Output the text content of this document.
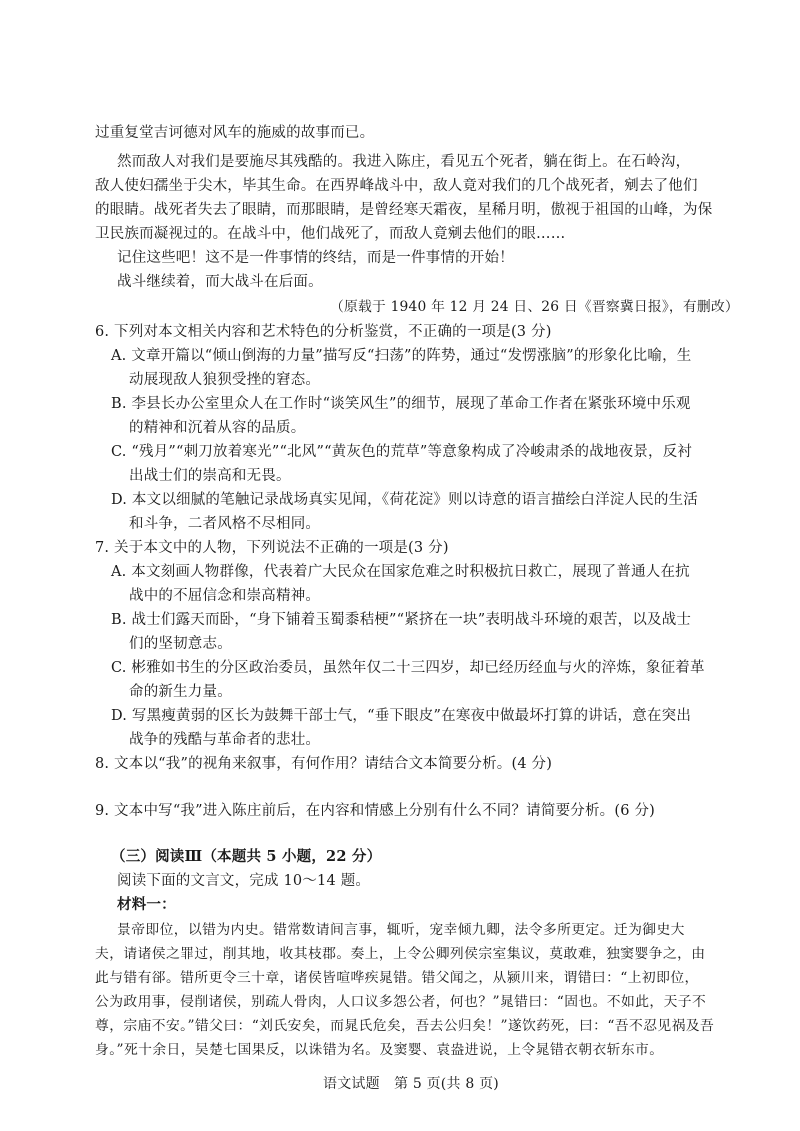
过重复堂吉诃德对风车的施威的故事而已。
然而敌人对我们是要施尽其残酷的。我进入陈庄，看见五个死者，躺在街上。在石岭沟，
敌人使妇孺坐于尖木，毕其生命。在西界峰战斗中，敌人竟对我们的几个战死者，剜去了他们
的眼睛。战死者失去了眼睛，而那眼睛，是曾经寒天霜夜，星稀月明，傲视于祖国的山峰，为保
卫民族而凝视过的。在战斗中，他们战死了，而敌人竟剜去他们的眼……
记住这些吧！这不是一件事情的终结，而是一件事情的开始！
战斗继续着，而大战斗在后面。
（原载于 1940 年 12 月 24 日、26 日《晋察冀日报》，有删改）
6. 下列对本文相关内容和艺术特色的分析鉴赏，不正确的一项是(3 分)
A. 文章开篇以“倾山倒海的力量”描写反“扫荡”的阵势，通过“发愣涨脑”的形象化比喻，生
动展现敌人狼狈受挫的窘态。
B. 李县长办公室里众人在工作时“谈笑风生”的细节，展现了革命工作者在紧张环境中乐观
的精神和沉着从容的品质。
C. “残月”“刺刀放着寒光”“北风”“黄灰色的荒草”等意象构成了冷峻肃杀的战地夜景，反衬
出战士们的崇高和无畏。
D. 本文以细腻的笔触记录战场真实见闻，《荷花淀》则以诗意的语言描绘白洋淀人民的生活
和斗争，二者风格不尽相同。
7. 关于本文中的人物，下列说法不正确的一项是(3 分)
A. 本文刻画人物群像，代表着广大民众在国家危难之时积极抗日救亡，展现了普通人在抗
战中的不屈信念和崇高精神。
B. 战士们露天而卧，“身下铺着玉蜀黍秸梗”“紧挤在一块”表明战斗环境的艰苦，以及战士
们的坚韧意志。
C. 彬雅如书生的分区政治委员，虽然年仅二十三四岁，却已经历经血与火的淬炼，象征着革
命的新生力量。
D. 写黑瘦黄弱的区长为鼓舞干部士气，“垂下眼皮”在寒夜中做最坏打算的讲话，意在突出
战争的残酷与革命者的悲壮。
8. 文本以“我”的视角来叙事，有何作用？请结合文本简要分析。(4 分)
9. 文本中写“我”进入陈庄前后，在内容和情感上分别有什么不同？请简要分析。(6 分)
（三）阅读Ⅲ（本题共 5 小题，22 分）
阅读下面的文言文，完成 10～14 题。
材料一：
景帝即位，以错为内史。错常数请间言事，辄听，宠幸倾九卿，法令多所更定。迁为御史大
夫，请诸侯之罪过，削其地，收其枝郡。奏上，上令公卿列侯宗室集议，莫敢难，独窦婴争之，由
此与错有郤。错所更令三十章，诸侯皆喧哗疾晁错。错父闻之，从颍川来，谓错曰：“上初即位，
公为政用事，侵削诸侯，别疏人骨肉，人口议多怨公者，何也？”晁错曰：“固也。不如此，天子不
尊，宗庙不安。”错父曰：“刘氏安矣，而晁氏危矣，吾去公归矣！”遂饮药死，曰：“吾不忍见祸及吾
身。”死十余日，吴楚七国果反，以诛错为名。及窦婴、袁盎进说，上令晁错衣朝衣斩东市。
语文试题　第 5 页(共 8 页)
